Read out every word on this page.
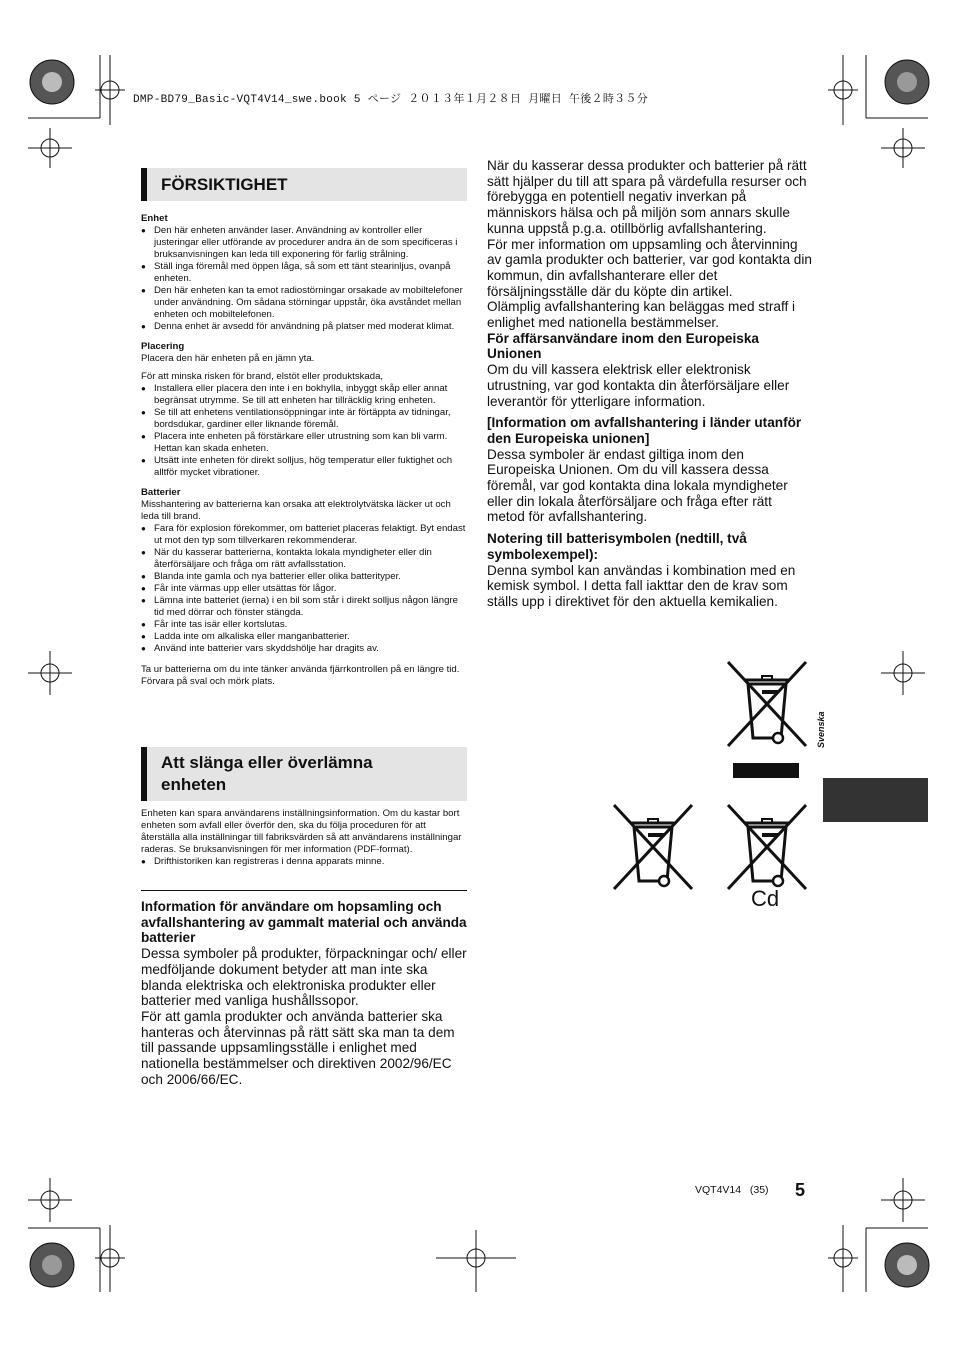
DMP-BD79_Basic-VQT4V14_swe.book 5 ページ ２０１３年１月２８日 月曜日 午後２時３５分
FÖRSIKTIGHET

Enhet

● Den här enheten använder laser. Användning av kontroller eller justeringar eller utförande av procedurer andra än de som specificeras i bruksanvisningen kan leda till exponering för farlig strålning.
● Ställ inga föremål med öppen låga, så som ett tänt stearinljus, ovanpå enheten.
● Den här enheten kan ta emot radiostörningar orsakade av mobiltelefoner under användning. Om sådana störningar uppstår, öka avståndet mellan enheten och mobiltelefonen.
● Denna enhet är avsedd för användning på platser med moderat klimat.

Placering

Placera den här enheten på en jämn yta.

För att minska risken för brand, elstöt eller produktskada,

● Installera eller placera den inte i en bokhylla, inbyggt skåp eller annat begränsat utrymme. Se till att enheten har tillräcklig kring enheten.
● Se till att enhetens ventilationsöppningar inte är förtäppta av tidningar, bordsdukar, gardiner eller liknande föremål.
● Placera inte enheten på förstärkare eller utrustning som kan bli varm. Hettan kan skada enheten.
● Utsätt inte enheten för direkt solljus, hög temperatur eller fuktighet och alltför mycket vibrationer.

Batterier

Misshantering av batterierna kan orsaka att elektrolytvätska läcker ut och leda till brand.

● Fara för explosion förekommer, om batteriet placeras felaktigt. Byt endast ut mot den typ som tillverkaren rekommenderar.
● När du kasserar batterierna, kontakta lokala myndigheter eller din återförsäljare och fråga om rätt avfallsstation.
● Blanda inte gamla och nya batterier eller olika batterityper.
● Får inte värmas upp eller utsättas för lågor.
● Lämna inte batteriet (ierna) i en bil som står i direkt solljus någon längre tid med dörrar och fönster stängda.
● Får inte tas isär eller kortslutas.
● Ladda inte om alkaliska eller manganbatterier.
● Använd inte batterier vars skyddshölje har dragits av.

Ta ur batterierna om du inte tänker använda fjärrkontrollen på en längre tid. Förvara på sval och mörk plats.

Att slänga eller överlämna
enheten

Enheten kan spara användarens inställningsinformation. Om du kastar bort enheten som avfall eller överför den, ska du följa proceduren för att återställa alla inställningar till fabriksvärden så att användarens inställningar raderas. Se bruksanvisningen för mer information (PDF-format).

● Drifthistoriken kan registreras i denna apparats minne.

Information för användare om hopsamling och avfallshantering av gammalt material och använda batterier

Dessa symboler på produkter, förpackningar och/ eller medföljande dokument betyder att man inte ska blanda elektriska och elektroniska produkter eller batterier med vanliga hushållssopor.

För att gamla produkter och använda batterier ska hanteras och återvinnas på rätt sätt ska man ta dem till passande uppsamlingsställe i enlighet med nationella bestämmelser och direktiven 2002/96/EC och 2006/66/EC.

När du kasserar dessa produkter och batterier på rätt sätt hjälper du till att spara på värdefulla resurser och förebygga en potentiell negativ inverkan på människors hälsa och på miljön som annars skulle kunna uppstå p.g.a. otillbörlig avfallshantering.

För mer information om uppsamling och återvinning av gamla produkter och batterier, var god kontakta din kommun, din avfallshanterare eller det försäljningsställe där du köpte din artikel.

Olämplig avfallshantering kan beläggas med straff i enlighet med nationella bestämmelser.

För affärsanvändare inom den Europeiska Unionen

Om du vill kassera elektrisk eller elektronisk utrustning, var god kontakta din återförsäljare eller leverantör för ytterligare information.

[Information om avfallshantering i länder utanför den Europeiska unionen]

Dessa symboler är endast giltiga inom den Europeiska Unionen. Om du vill kassera dessa föremål, var god kontakta dina lokala myndigheter eller din lokala återförsäljare och fråga efter rätt metod för avfallshantering.

Notering till batterisymbolen (nedtill, två symbolexempel):

Denna symbol kan användas i kombination med en kemisk symbol. I detta fall iakttar den de krav som ställs upp i direktivet för den aktuella kemikalien.

Cd
Svenska
VQT4V14   (35) 5
